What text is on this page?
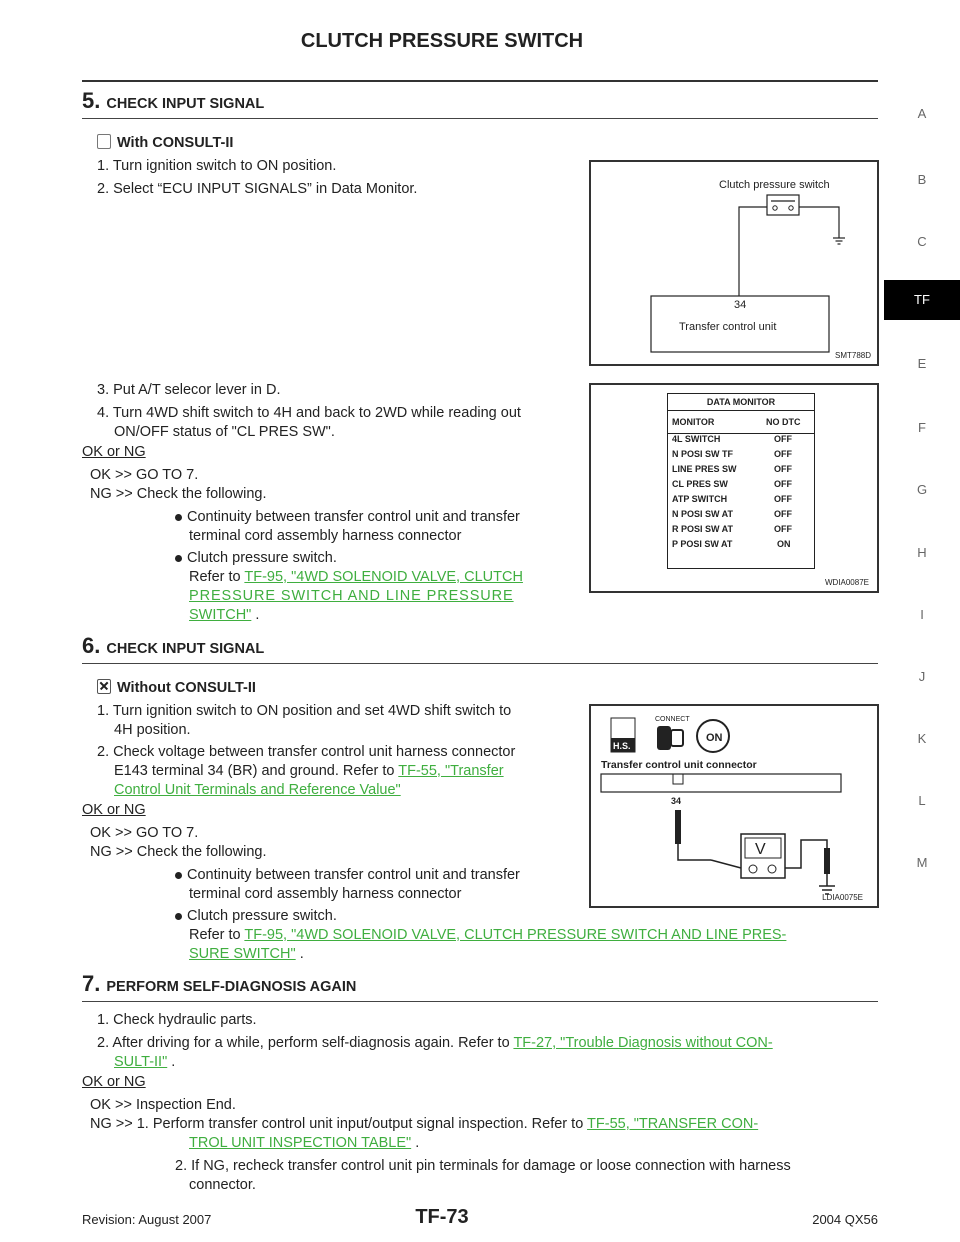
CLUTCH PRESSURE SWITCH
A
B
C
TF
E
F
G
H
I
J
K
L
M
5. CHECK INPUT SIGNAL
With CONSULT-II
1. Turn ignition switch to ON position.
2. Select “ECU INPUT SIGNALS” in Data Monitor.
3. Put A/T selecor lever in D.
4. Turn 4WD shift switch to 4H and back to 2WD while reading out
ON/OFF status of "CL PRES SW".
OK or NG
OK >> GO TO 7.
NG >> Check the following.
Continuity between transfer control unit and transfer
terminal cord assembly harness connector
Clutch pressure switch.
Refer to TF-95, "4WD SOLENOID VALVE, CLUTCH
PRESSURE SWITCH AND LINE PRESSURE
SWITCH" .
Clutch pressure switch
34
Transfer control unit
SMT788D
DATA MONITOR
MONITOR	NO DTC
4L SWITCH	OFF
N POSI SW TF	OFF
LINE PRES SW	OFF
CL PRES SW	OFF
ATP SWITCH	OFF
N POSI SW AT	OFF
R POSI SW AT	OFF
P POSI SW AT	ON
WDIA0087E
6. CHECK INPUT SIGNAL
Without CONSULT-II
1. Turn ignition switch to ON position and set 4WD shift switch to
4H position.
2. Check voltage between transfer control unit harness connector
E143 terminal 34 (BR) and ground. Refer to TF-55, "Transfer
Control Unit Terminals and Reference Value"
OK or NG
OK >> GO TO 7.
NG >> Check the following.
Continuity between transfer control unit and transfer
terminal cord assembly harness connector
Clutch pressure switch.
Refer to TF-95, "4WD SOLENOID VALVE, CLUTCH PRESSURE SWITCH AND LINE PRES-
SURE SWITCH" .
H.S.
CONNECT
ON
Transfer control unit connector
34
V
LDIA0075E
7. PERFORM SELF-DIAGNOSIS AGAIN
1. Check hydraulic parts.
2. After driving for a while, perform self-diagnosis again. Refer to TF-27, "Trouble Diagnosis without CON-
SULT-II" .
OK or NG
OK >> Inspection End.
NG >> 1. Perform transfer control unit input/output signal inspection. Refer to TF-55, "TRANSFER CON-
TROL UNIT INSPECTION TABLE" .
2. If NG, recheck transfer control unit pin terminals for damage or loose connection with harness
connector.
Revision: August 2007	TF-73	2004 QX56
